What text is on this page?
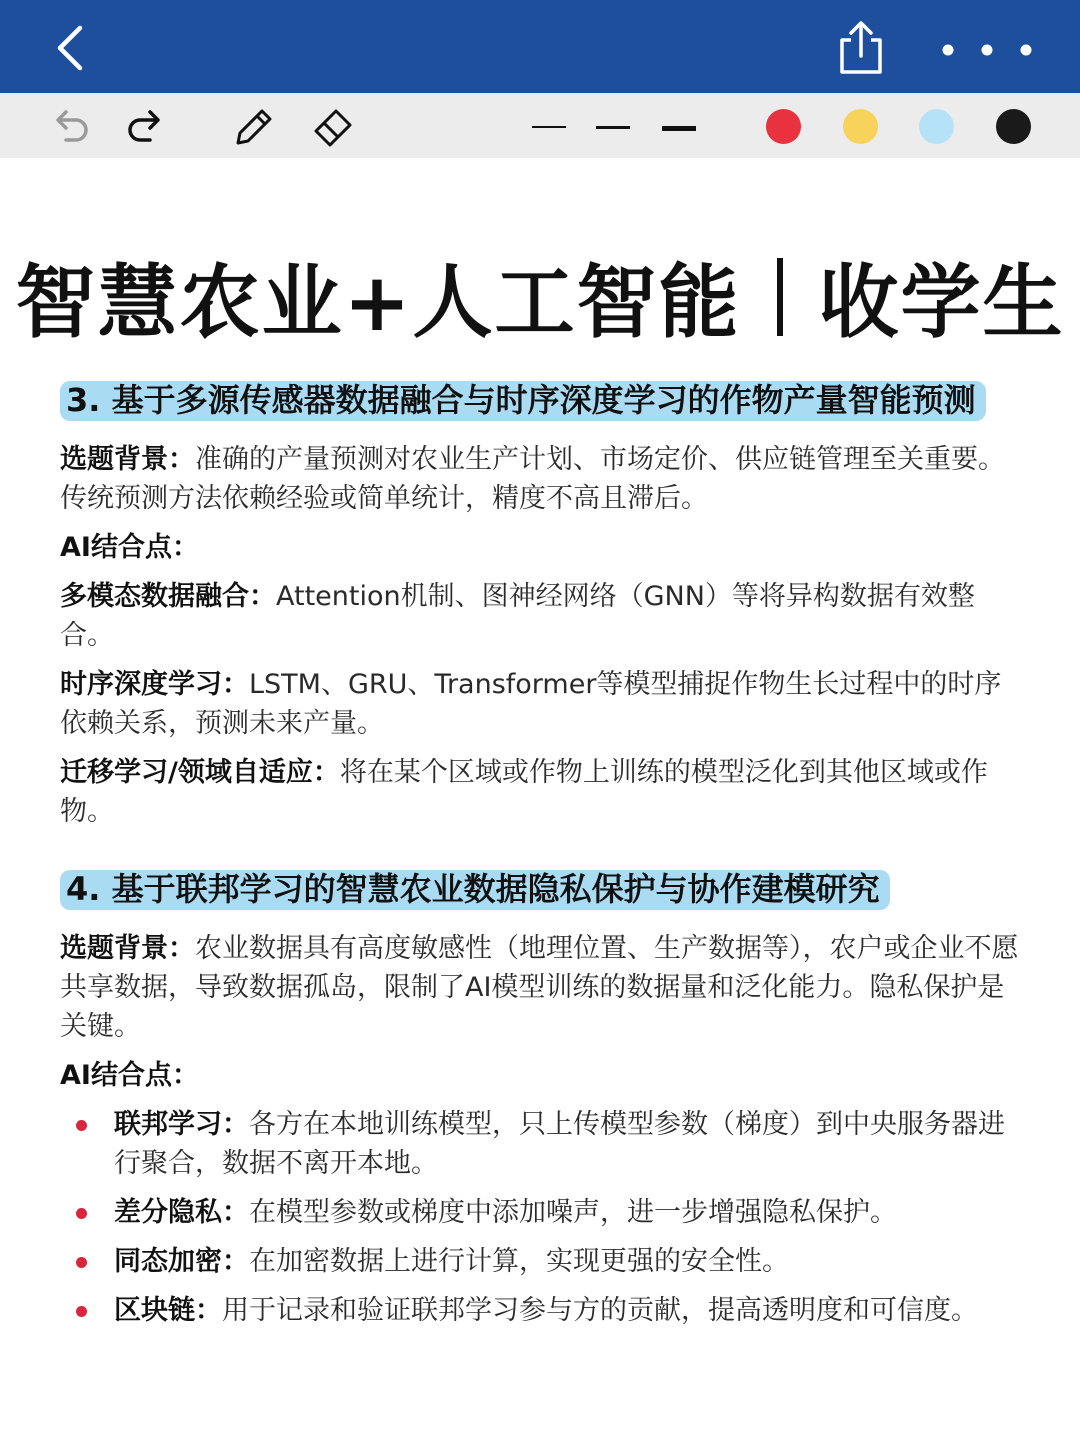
智慧农业+人工智能 收学生
3. 基于多源传感器数据融合与时序深度学习的作物产量智能预测

选题背景：准确的产量预测对农业生产计划、市场定价、供应链管理至关重要。传统预测方法依赖经验或简单统计，精度不高且滞后。

AI结合点：

多模态数据融合：Attention机制、图神经网络（GNN）等将异构数据有效整合。

时序深度学习：LSTM、GRU、Transformer等模型捕捉作物生长过程中的时序依赖关系，预测未来产量。

迁移学习/领域自适应：将在某个区域或作物上训练的模型泛化到其他区域或作物。

4. 基于联邦学习的智慧农业数据隐私保护与协作建模研究

选题背景：农业数据具有高度敏感性（地理位置、生产数据等），农户或企业不愿共享数据，导致数据孤岛，限制了AI模型训练的数据量和泛化能力。隐私保护是关键。

AI结合点：

联邦学习：各方在本地训练模型，只上传模型参数（梯度）到中央服务器进行聚合，数据不离开本地。
差分隐私：在模型参数或梯度中添加噪声，进一步增强隐私保护。
同态加密：在加密数据上进行计算，实现更强的安全性。
区块链：用于记录和验证联邦学习参与方的贡献，提高透明度和可信度。
